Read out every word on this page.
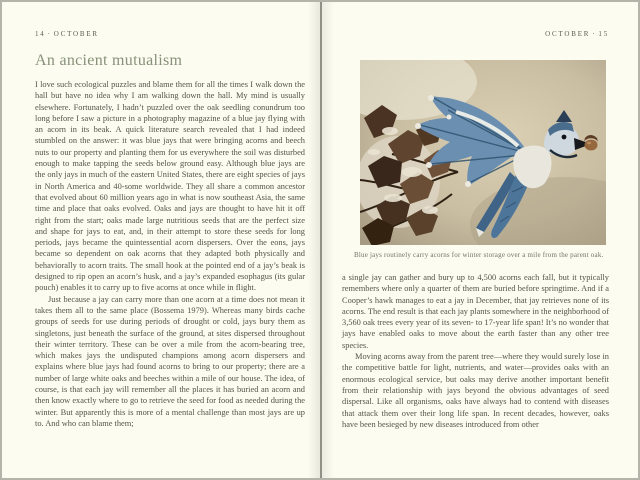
14 · OCTOBER
An ancient mutualism

I love such ecological puzzles and blame them for all the times I walk down the hall but have no idea why I am walking down the hall. My mind is usually elsewhere. Fortunately, I hadn’t puzzled over the oak seedling conundrum too long before I saw a picture in a photography magazine of a blue jay flying with an acorn in its beak. A quick literature search revealed that I had indeed stumbled on the answer: it was blue jays that were bringing acorns and beech nuts to our property and planting them for us everywhere the soil was disturbed enough to make tapping the seeds below ground easy. Although blue jays are the only jays in much of the eastern United States, there are eight species of jays in North America and 40-some worldwide. They all share a common ancestor that evolved about 60 million years ago in what is now southeast Asia, the same time and place that oaks evolved. Oaks and jays are thought to have hit it off right from the start; oaks made large nutritious seeds that are the perfect size and shape for jays to eat, and, in their attempt to store these seeds for long periods, jays became the quintessential acorn dispersers. Over the eons, jays became so dependent on oak acorns that they adapted both physically and behaviorally to acorn traits. The small hook at the pointed end of a jay’s beak is designed to rip open an acorn’s husk, and a jay’s expanded esophagus (its gular pouch) enables it to carry up to five acorns at once while in flight.

Just because a jay can carry more than one acorn at a time does not mean it takes them all to the same place (Bossema 1979). Whereas many birds cache groups of seeds for use during periods of drought or cold, jays bury them as singletons, just beneath the surface of the ground, at sites dispersed throughout their winter territory. These can be over a mile from the acorn-bearing tree, which makes jays the undisputed champions among acorn dispersers and explains where blue jays had found acorns to bring to our property; there are a number of large white oaks and beeches within a mile of our house. The idea, of course, is that each jay will remember all the places it has buried an acorn and then know exactly where to go to retrieve the seed for food as needed during the winter. But apparently this is more of a mental challenge than most jays are up to. And who can blame them;

OCTOBER · 15
Blue jays routinely carry acorns for winter storage over a mile from the parent oak.

a single jay can gather and bury up to 4,500 acorns each fall, but it typically remembers where only a quarter of them are buried before springtime. And if a Cooper’s hawk manages to eat a jay in December, that jay retrieves none of its acorns. The end result is that each jay plants somewhere in the neighborhood of 3,560 oak trees every year of its seven- to 17-year life span! It’s no wonder that jays have enabled oaks to move about the earth faster than any other tree species.

Moving acorns away from the parent tree—where they would surely lose in the competitive battle for light, nutrients, and water—provides oaks with an enormous ecological service, but oaks may derive another important benefit from their relationship with jays beyond the obvious advantages of seed dispersal. Like all organisms, oaks have always had to contend with diseases that attack them over their long life span. In recent decades, however, oaks have been besieged by new diseases introduced from other
